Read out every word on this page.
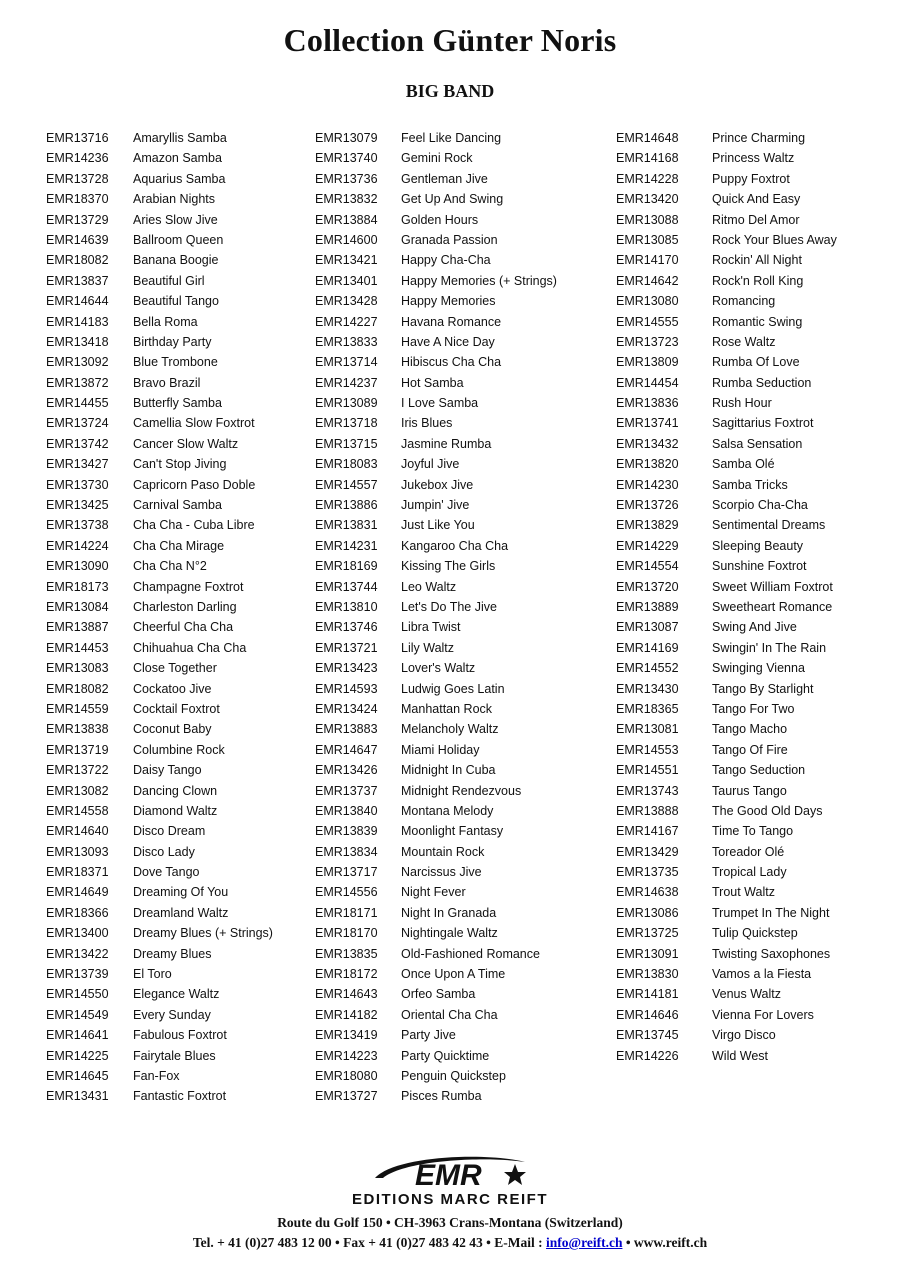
Collection Günter Noris
BIG BAND
EMR13716	Amaryllis Samba
EMR14236	Amazon Samba
EMR13728	Aquarius Samba
EMR18370	Arabian Nights
EMR13729	Aries Slow Jive
EMR14639	Ballroom Queen
EMR18082	Banana Boogie
EMR13837	Beautiful Girl
EMR14644	Beautiful Tango
EMR14183	Bella Roma
EMR13418	Birthday Party
EMR13092	Blue Trombone
EMR13872	Bravo Brazil
EMR14455	Butterfly Samba
EMR13724	Camellia Slow Foxtrot
EMR13742	Cancer Slow Waltz
EMR13427	Can't Stop Jiving
EMR13730	Capricorn Paso Doble
EMR13425	Carnival Samba
EMR13738	Cha Cha - Cuba Libre
EMR14224	Cha Cha Mirage
EMR13090	Cha Cha N°2
EMR18173	Champagne Foxtrot
EMR13084	Charleston Darling
EMR13887	Cheerful Cha Cha
EMR14453	Chihuahua Cha Cha
EMR13083	Close Together
EMR18082	Cockatoo Jive
EMR14559	Cocktail Foxtrot
EMR13838	Coconut Baby
EMR13719	Columbine Rock
EMR13722	Daisy Tango
EMR13082	Dancing Clown
EMR14558	Diamond Waltz
EMR14640	Disco Dream
EMR13093	Disco Lady
EMR18371	Dove Tango
EMR14649	Dreaming Of You
EMR18366	Dreamland Waltz
EMR13400	Dreamy Blues (+ Strings)
EMR13422	Dreamy Blues
EMR13739	El Toro
EMR14550	Elegance Waltz
EMR14549	Every Sunday
EMR14641	Fabulous Foxtrot
EMR14225	Fairytale Blues
EMR14645	Fan-Fox
EMR13431	Fantastic Foxtrot
EMR13079	Feel Like Dancing
EMR13740	Gemini Rock
EMR13736	Gentleman Jive
EMR13832	Get Up And Swing
EMR13884	Golden Hours
EMR14600	Granada Passion
EMR13421	Happy Cha-Cha
EMR13401	Happy Memories (+ Strings)
EMR13428	Happy Memories
EMR14227	Havana Romance
EMR13833	Have A Nice Day
EMR13714	Hibiscus Cha Cha
EMR14237	Hot Samba
EMR13089	I Love Samba
EMR13718	Iris Blues
EMR13715	Jasmine Rumba
EMR18083	Joyful Jive
EMR14557	Jukebox Jive
EMR13886	Jumpin' Jive
EMR13831	Just Like You
EMR14231	Kangaroo Cha Cha
EMR18169	Kissing The Girls
EMR13744	Leo Waltz
EMR13810	Let's Do The Jive
EMR13746	Libra Twist
EMR13721	Lily Waltz
EMR13423	Lover's Waltz
EMR14593	Ludwig Goes Latin
EMR13424	Manhattan Rock
EMR13883	Melancholy Waltz
EMR14647	Miami Holiday
EMR13426	Midnight In Cuba
EMR13737	Midnight Rendezvous
EMR13840	Montana Melody
EMR13839	Moonlight Fantasy
EMR13834	Mountain Rock
EMR13717	Narcissus Jive
EMR14556	Night Fever
EMR18171	Night In Granada
EMR18170	Nightingale Waltz
EMR13835	Old-Fashioned Romance
EMR18172	Once Upon A Time
EMR14643	Orfeo Samba
EMR14182	Oriental Cha Cha
EMR13419	Party Jive
EMR14223	Party Quicktime
EMR18080	Penguin Quickstep
EMR13727	Pisces Rumba
EMR14648	Prince Charming
EMR14168	Princess Waltz
EMR14228	Puppy Foxtrot
EMR13420	Quick And Easy
EMR13088	Ritmo Del Amor
EMR13085	Rock Your Blues Away
EMR14170	Rockin' All Night
EMR14642	Rock'n Roll King
EMR13080	Romancing
EMR14555	Romantic Swing
EMR13723	Rose Waltz
EMR13809	Rumba Of Love
EMR14454	Rumba Seduction
EMR13836	Rush Hour
EMR13741	Sagittarius Foxtrot
EMR13432	Salsa Sensation
EMR13820	Samba Olé
EMR14230	Samba Tricks
EMR13726	Scorpio Cha-Cha
EMR13829	Sentimental Dreams
EMR14229	Sleeping Beauty
EMR14554	Sunshine Foxtrot
EMR13720	Sweet William Foxtrot
EMR13889	Sweetheart Romance
EMR13087	Swing And Jive
EMR14169	Swingin' In The Rain
EMR14552	Swinging Vienna
EMR13430	Tango By Starlight
EMR18365	Tango For Two
EMR13081	Tango Macho
EMR14553	Tango Of Fire
EMR14551	Tango Seduction
EMR13743	Taurus Tango
EMR13888	The Good Old Days
EMR14167	Time To Tango
EMR13429	Toreador Olé
EMR13735	Tropical Lady
EMR14638	Trout Waltz
EMR13086	Trumpet In The Night
EMR13725	Tulip Quickstep
EMR13091	Twisting Saxophones
EMR13830	Vamos a la Fiesta
EMR14181	Venus Waltz
EMR14646	Vienna For Lovers
EMR13745	Virgo Disco
EMR14226	Wild West
EMR
EDITIONS MARC REIFT
Route du Golf 150 • CH-3963 Crans-Montana (Switzerland)
Tel. + 41 (0)27 483 12 00 • Fax + 41 (0)27 483 42 43 • E-Mail : info@reift.ch • www.reift.ch
